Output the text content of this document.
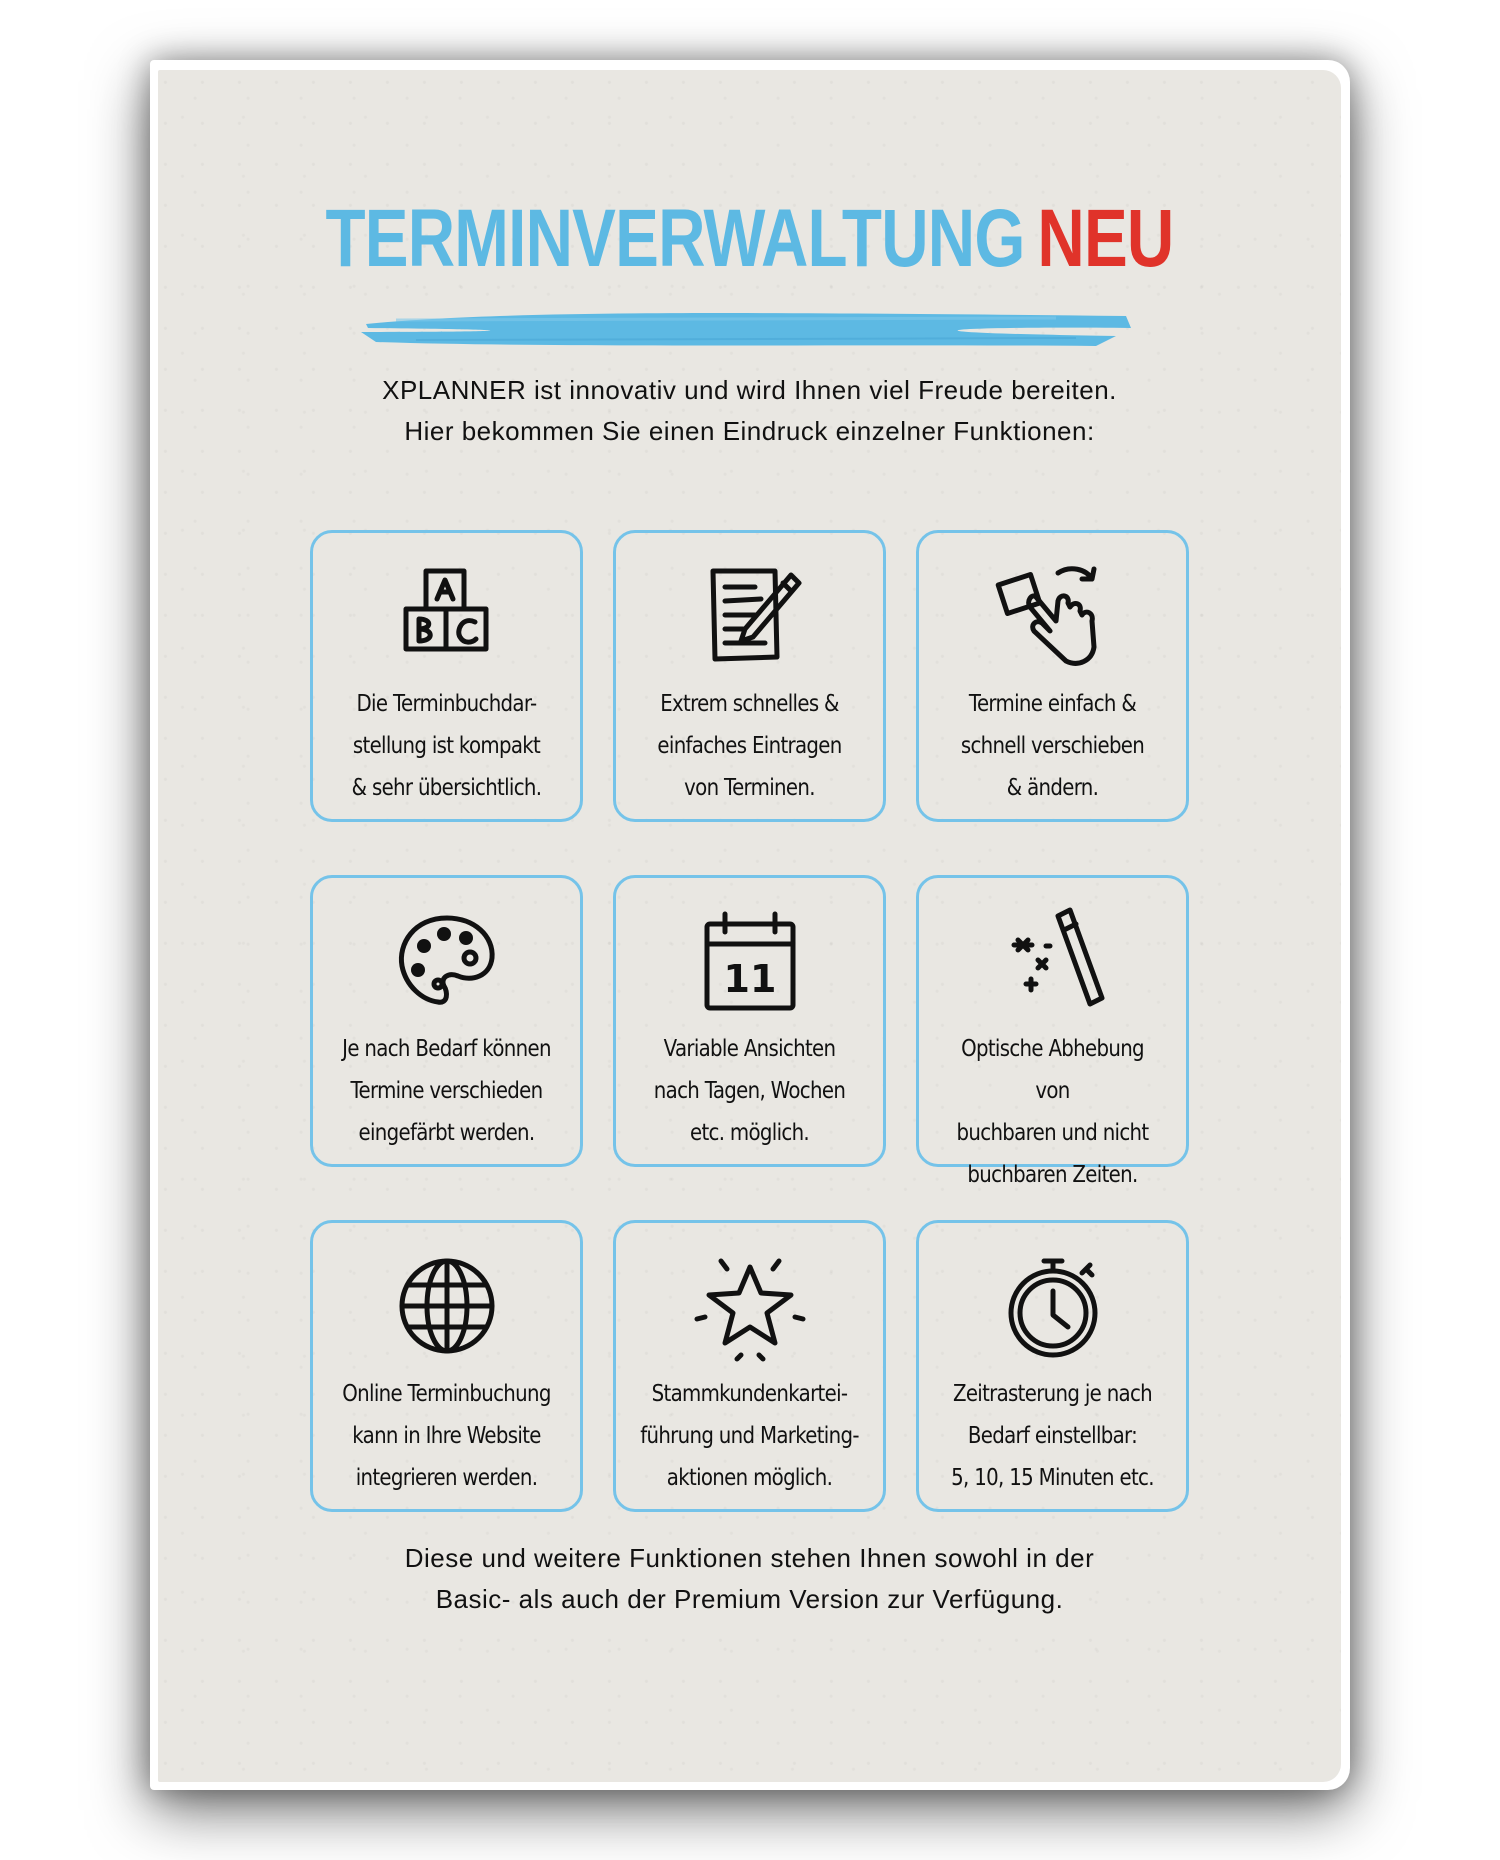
TERMINVERWALTUNG NEU
XPLANNER ist innovativ und wird Ihnen viel Freude bereiten.
Hier bekommen Sie einen Eindruck einzelner Funktionen:
Die Terminbuchdar-
stellung ist kompakt
& sehr übersichtlich.
Extrem schnelles &
einfaches Eintragen
von Terminen.
Termine einfach &
schnell verschieben
& ändern.
Je nach Bedarf können
Termine verschieden
eingefärbt werden.
11
Variable Ansichten
nach Tagen, Wochen
etc. möglich.
Optische Abhebung von
buchbaren und nicht
buchbaren Zeiten.
Online Terminbuchung
kann in Ihre Website
integrieren werden.
Stammkundenkartei-
führung und Marketing-
aktionen möglich.
Zeitrasterung je nach
Bedarf einstellbar:
5, 10, 15 Minuten etc.
Diese und weitere Funktionen stehen Ihnen sowohl in der
Basic- als auch der Premium Version zur Verfügung.
